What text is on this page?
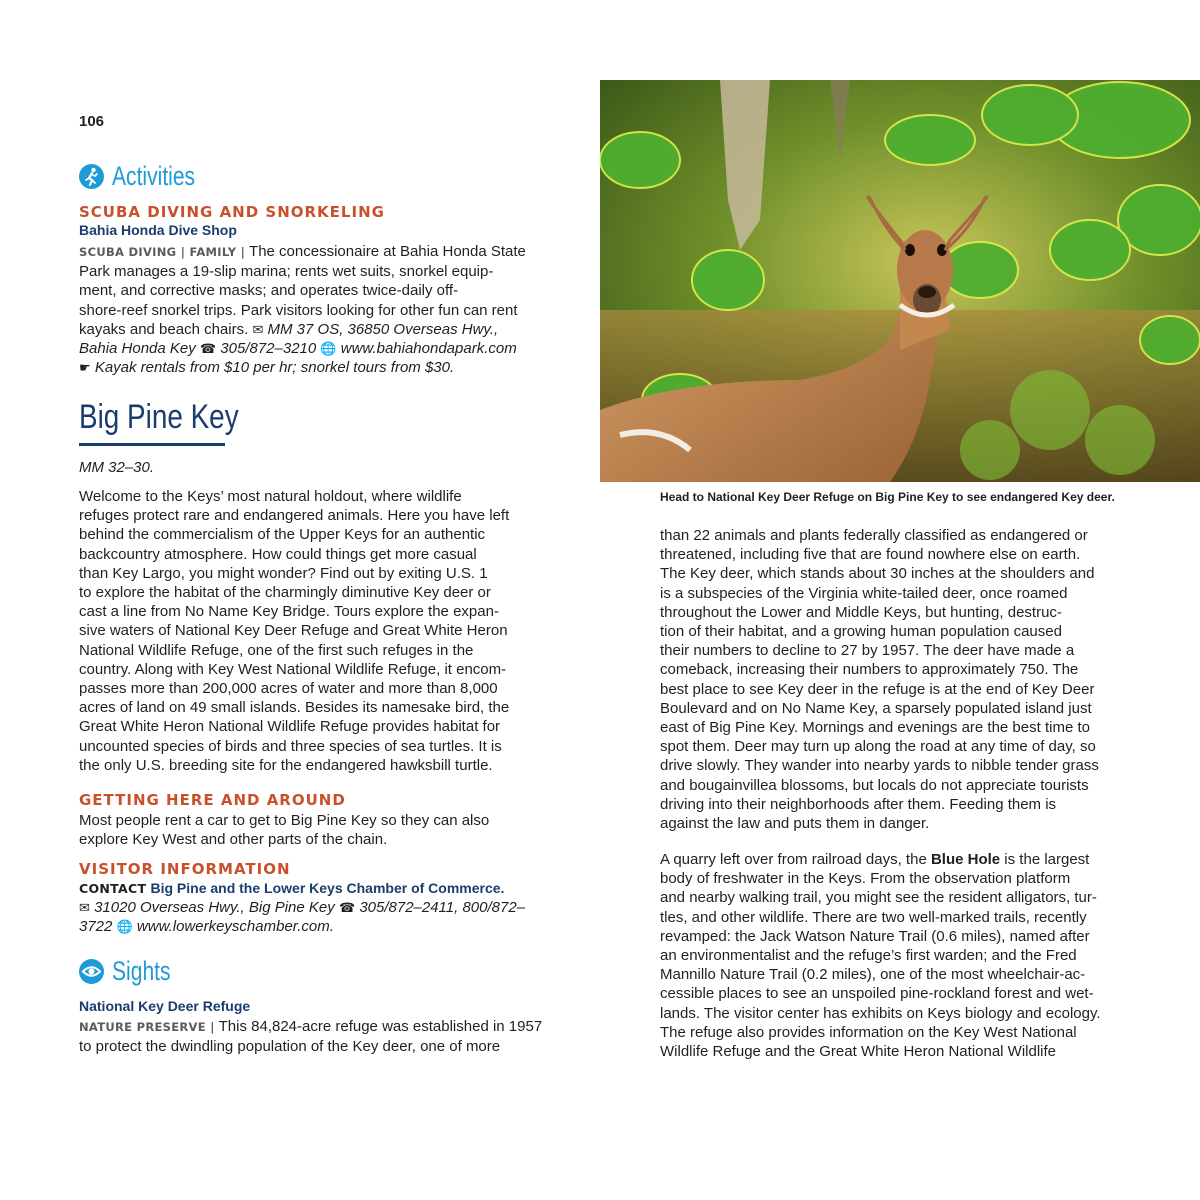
106
Activities
SCUBA DIVING AND SNORKELING
Bahia Honda Dive Shop
SCUBA DIVING | FAMILY | The concessionaire at Bahia Honda State
Park manages a 19-slip marina; rents wet suits, snorkel equip-
ment, and corrective masks; and operates twice-daily off-
shore-reef snorkel trips. Park visitors looking for other fun can rent
kayaks and beach chairs. ✉ MM 37 OS, 36850 Overseas Hwy.,
Bahia Honda Key ☎ 305/872–3210 🌐 www.bahiahondapark.com
☛ Kayak rentals from $10 per hr; snorkel tours from $30.
Big Pine Key
MM 32–30.
Welcome to the Keys’ most natural holdout, where wildlife
refuges protect rare and endangered animals. Here you have left
behind the commercialism of the Upper Keys for an authentic
backcountry atmosphere. How could things get more casual
than Key Largo, you might wonder? Find out by exiting U.S. 1
to explore the habitat of the charmingly diminutive Key deer or
cast a line from No Name Key Bridge. Tours explore the expan-
sive waters of National Key Deer Refuge and Great White Heron
National Wildlife Refuge, one of the first such refuges in the
country. Along with Key West National Wildlife Refuge, it encom-
passes more than 200,000 acres of water and more than 8,000
acres of land on 49 small islands. Besides its namesake bird, the
Great White Heron National Wildlife Refuge provides habitat for
uncounted species of birds and three species of sea turtles. It is
the only U.S. breeding site for the endangered hawksbill turtle.
GETTING HERE AND AROUND
Most people rent a car to get to Big Pine Key so they can also
explore Key West and other parts of the chain.
VISITOR INFORMATION
CONTACT Big Pine and the Lower Keys Chamber of Commerce.
✉ 31020 Overseas Hwy., Big Pine Key ☎ 305/872–2411, 800/872–
3722 🌐 www.lowerkeyschamber.com.
Sights
National Key Deer Refuge
NATURE PRESERVE | This 84,824-acre refuge was established in 1957
to protect the dwindling population of the Key deer, one of more
Head to National Key Deer Refuge on Big Pine Key to see endangered Key deer.
than 22 animals and plants federally classified as endangered or
threatened, including five that are found nowhere else on earth.
The Key deer, which stands about 30 inches at the shoulders and
is a subspecies of the Virginia white-tailed deer, once roamed
throughout the Lower and Middle Keys, but hunting, destruc-
tion of their habitat, and a growing human population caused
their numbers to decline to 27 by 1957. The deer have made a
comeback, increasing their numbers to approximately 750. The
best place to see Key deer in the refuge is at the end of Key Deer
Boulevard and on No Name Key, a sparsely populated island just
east of Big Pine Key. Mornings and evenings are the best time to
spot them. Deer may turn up along the road at any time of day, so
drive slowly. They wander into nearby yards to nibble tender grass
and bougainvillea blossoms, but locals do not appreciate tourists
driving into their neighborhoods after them. Feeding them is
against the law and puts them in danger.
A quarry left over from railroad days, the Blue Hole is the largest
body of freshwater in the Keys. From the observation platform
and nearby walking trail, you might see the resident alligators, tur-
tles, and other wildlife. There are two well-marked trails, recently
revamped: the Jack Watson Nature Trail (0.6 miles), named after
an environmentalist and the refuge’s first warden; and the Fred
Mannillo Nature Trail (0.2 miles), one of the most wheelchair-ac-
cessible places to see an unspoiled pine-rockland forest and wet-
lands. The visitor center has exhibits on Keys biology and ecology.
The refuge also provides information on the Key West National
Wildlife Refuge and the Great White Heron National Wildlife
